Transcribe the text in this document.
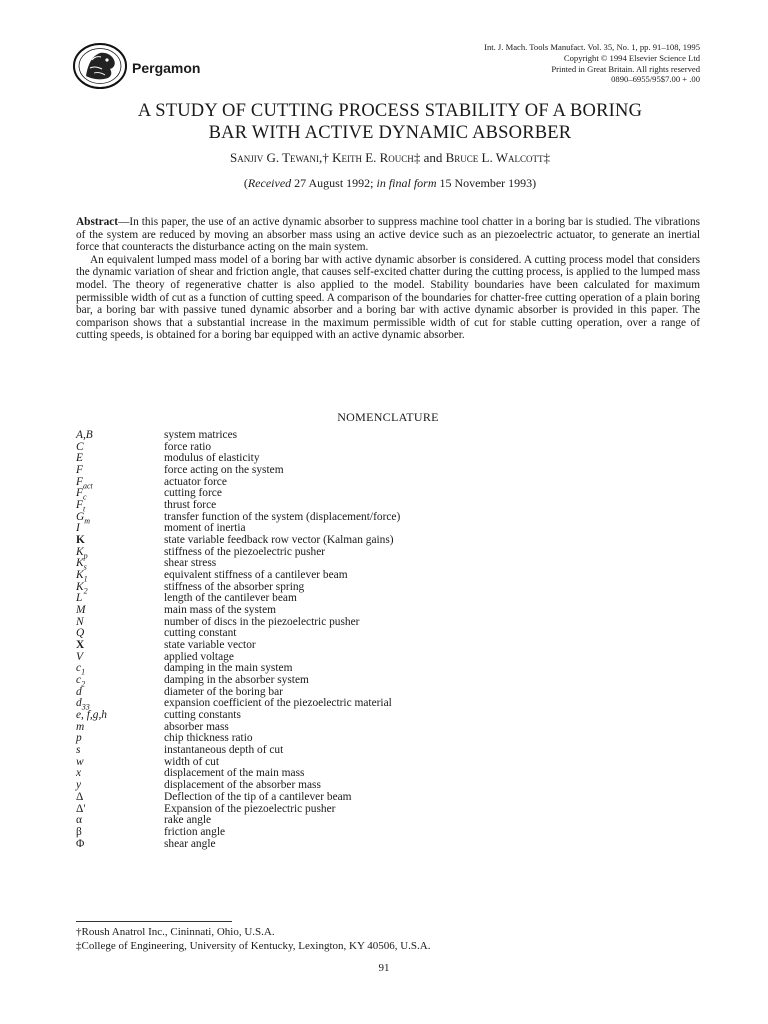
Pergamon
Int. J. Mach. Tools Manufact. Vol. 35, No. 1, pp. 91–108, 1995
Copyright © 1994 Elsevier Science Ltd
Printed in Great Britain. All rights reserved
0890–6955/95$7.00 + .00
A STUDY OF CUTTING PROCESS STABILITY OF A BORING
BAR WITH ACTIVE DYNAMIC ABSORBER
Sanjiv G. Tewani,† Keith E. Rouch‡ and Bruce L. Walcott‡
(Received 27 August 1992; in final form 15 November 1993)

Abstract—In this paper, the use of an active dynamic absorber to suppress machine tool chatter in a boring bar is studied. The vibrations of the system are reduced by moving an absorber mass using an active device such as an piezoelectric actuator, to generate an inertial force that counteracts the disturbance acting on the main system.

An equivalent lumped mass model of a boring bar with active dynamic absorber is considered. A cutting process model that considers the dynamic variation of shear and friction angle, that causes self-excited chatter during the cutting process, is applied to the lumped mass model. The theory of regenerative chatter is also applied to the model. Stability boundaries have been calculated for maximum permissible width of cut as a function of cutting speed. A comparison of the boundaries for chatter-free cutting operation of a plain boring bar, a boring bar with passive tuned dynamic absorber and a boring bar with active dynamic absorber is provided in this paper. The comparison shows that a substantial increase in the maximum permissible width of cut for stable cutting operation, over a range of cutting speeds, is obtained for a boring bar equipped with an active dynamic absorber.

NOMENCLATURE
A,B	system matrices
C	force ratio
E	modulus of elasticity
F	force acting on the system
$F_{act}$	actuator force
$F_c$	cutting force
$F_t$	thrust force
$G_m$	transfer function of the system (displacement/force)
I	moment of inertia
K	state variable feedback row vector (Kalman gains)
$K_p$	stiffness of the piezoelectric pusher
$K_s$	shear stress
$K_1$	equivalent stiffness of a cantilever beam
$K_2$	stiffness of the absorber spring
L	length of the cantilever beam
M	main mass of the system
N	number of discs in the piezoelectric pusher
Q	cutting constant
X	state variable vector
V	applied voltage
$c_1$	damping in the main system
$c_2$	damping in the absorber system
d	diameter of the boring bar
$d_{33}$	expansion coefficient of the piezoelectric material
e, f,g,h	cutting constants
m	absorber mass
p	chip thickness ratio
s	instantaneous depth of cut
w	width of cut
x	displacement of the main mass
y	displacement of the absorber mass
Δ	Deflection of the tip of a cantilever beam
Δ'	Expansion of the piezoelectric pusher
α	rake angle
β	friction angle
Φ	shear angle
†Roush Anatrol Inc., Cininnati, Ohio, U.S.A.
‡College of Engineering, University of Kentucky, Lexington, KY 40506, U.S.A.
91
